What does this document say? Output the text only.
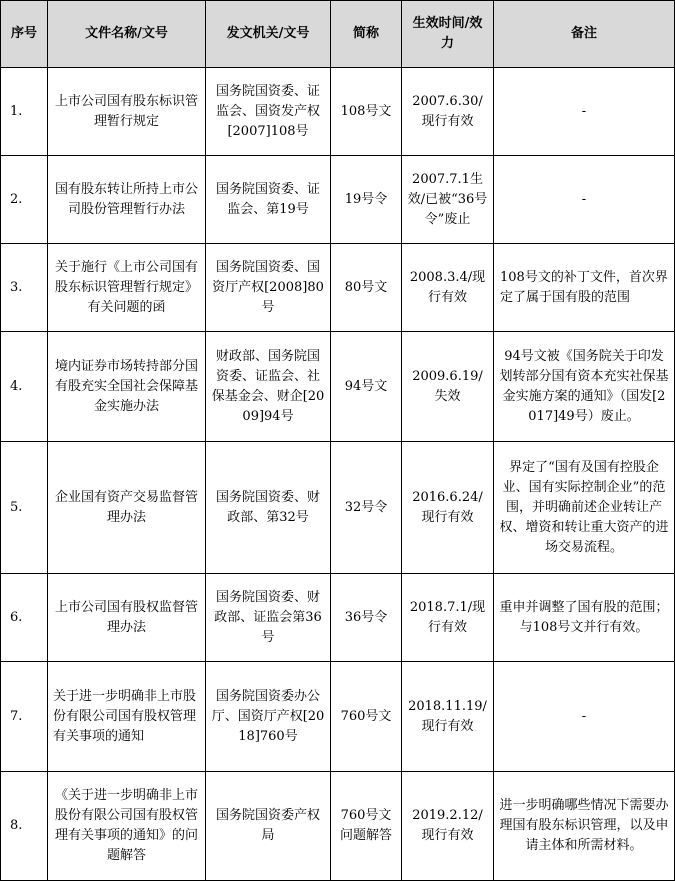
序号	文件名称/文号	发文机关/文号	简称	生效时间/效力	备注
1.	上市公司国有股东标识管理暂行规定	国务院国资委、证监会、国资发产权[2007]108号	108号文	2007.6.30/现行有效	-
2.	国有股东转让所持上市公司股份管理暂行办法	国务院国资委、证监会、第19号	19号令	2007.7.1生效/已被“36号令”废止	-
3.	关于施行《上市公司国有股东标识管理暂行规定》有关问题的函	国务院国资委、国资厅产权[2008]80号	80号文	2008.3.4/现行有效	108号文的补丁文件，首次界定了属于国有股的范围
4.	境内证券市场转持部分国有股充实全国社会保障基金实施办法	财政部、国务院国资委、证监会、社保基金会、财企[2009]94号	94号文	2009.6.19/失效	94号文被《国务院关于印发划转部分国有资本充实社保基金实施方案的通知》（国发[2017]49号）废止。
5.	企业国有资产交易监督管理办法	国务院国资委、财政部、第32号	32号令	2016.6.24/现行有效	界定了“国有及国有控股企业、国有实际控制企业”的范围，并明确前述企业转让产权、增资和转让重大资产的进场交易流程。
6.	上市公司国有股权监督管理办法	国务院国资委、财政部、证监会第36号	36号令	2018.7.1/现行有效	重申并调整了国有股的范围；与108号文并行有效。
7.	关于进一步明确非上市股份有限公司国有股权管理有关事项的通知	国务院国资委办公厅、国资厅产权[2018]760号	760号文	2018.11.19/现行有效	-
8.	《关于进一步明确非上市股份有限公司国有股权管理有关事项的通知》的问题解答	国务院国资委产权局	760号文问题解答	2019.2.12/现行有效	进一步明确哪些情况下需要办理国有股东标识管理，以及申请主体和所需材料。
